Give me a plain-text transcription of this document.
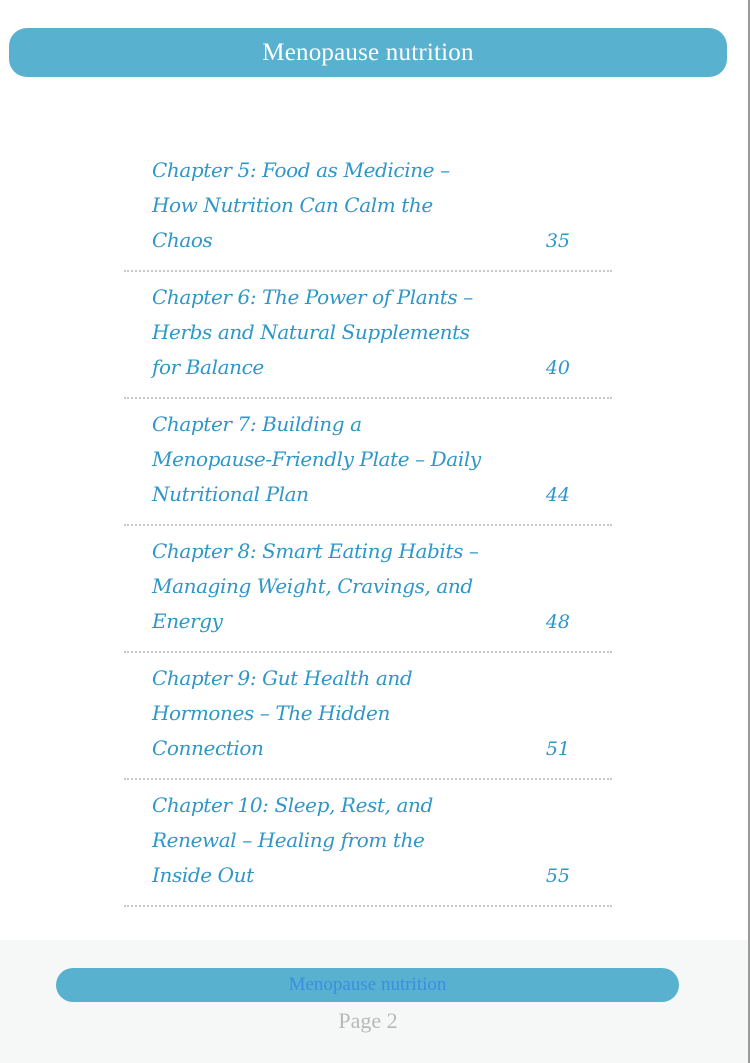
Menopause nutrition
Chapter 5: Food as Medicine – How Nutrition Can Calm the Chaos	35
Chapter 6: The Power of Plants – Herbs and Natural Supplements for Balance	40
Chapter 7: Building a Menopause-Friendly Plate – Daily Nutritional Plan	44
Chapter 8: Smart Eating Habits – Managing Weight, Cravings, and Energy	48
Chapter 9: Gut Health and Hormones – The Hidden Connection	51
Chapter 10: Sleep, Rest, and Renewal – Healing from the Inside Out	55
Menopause nutrition
Page 2
